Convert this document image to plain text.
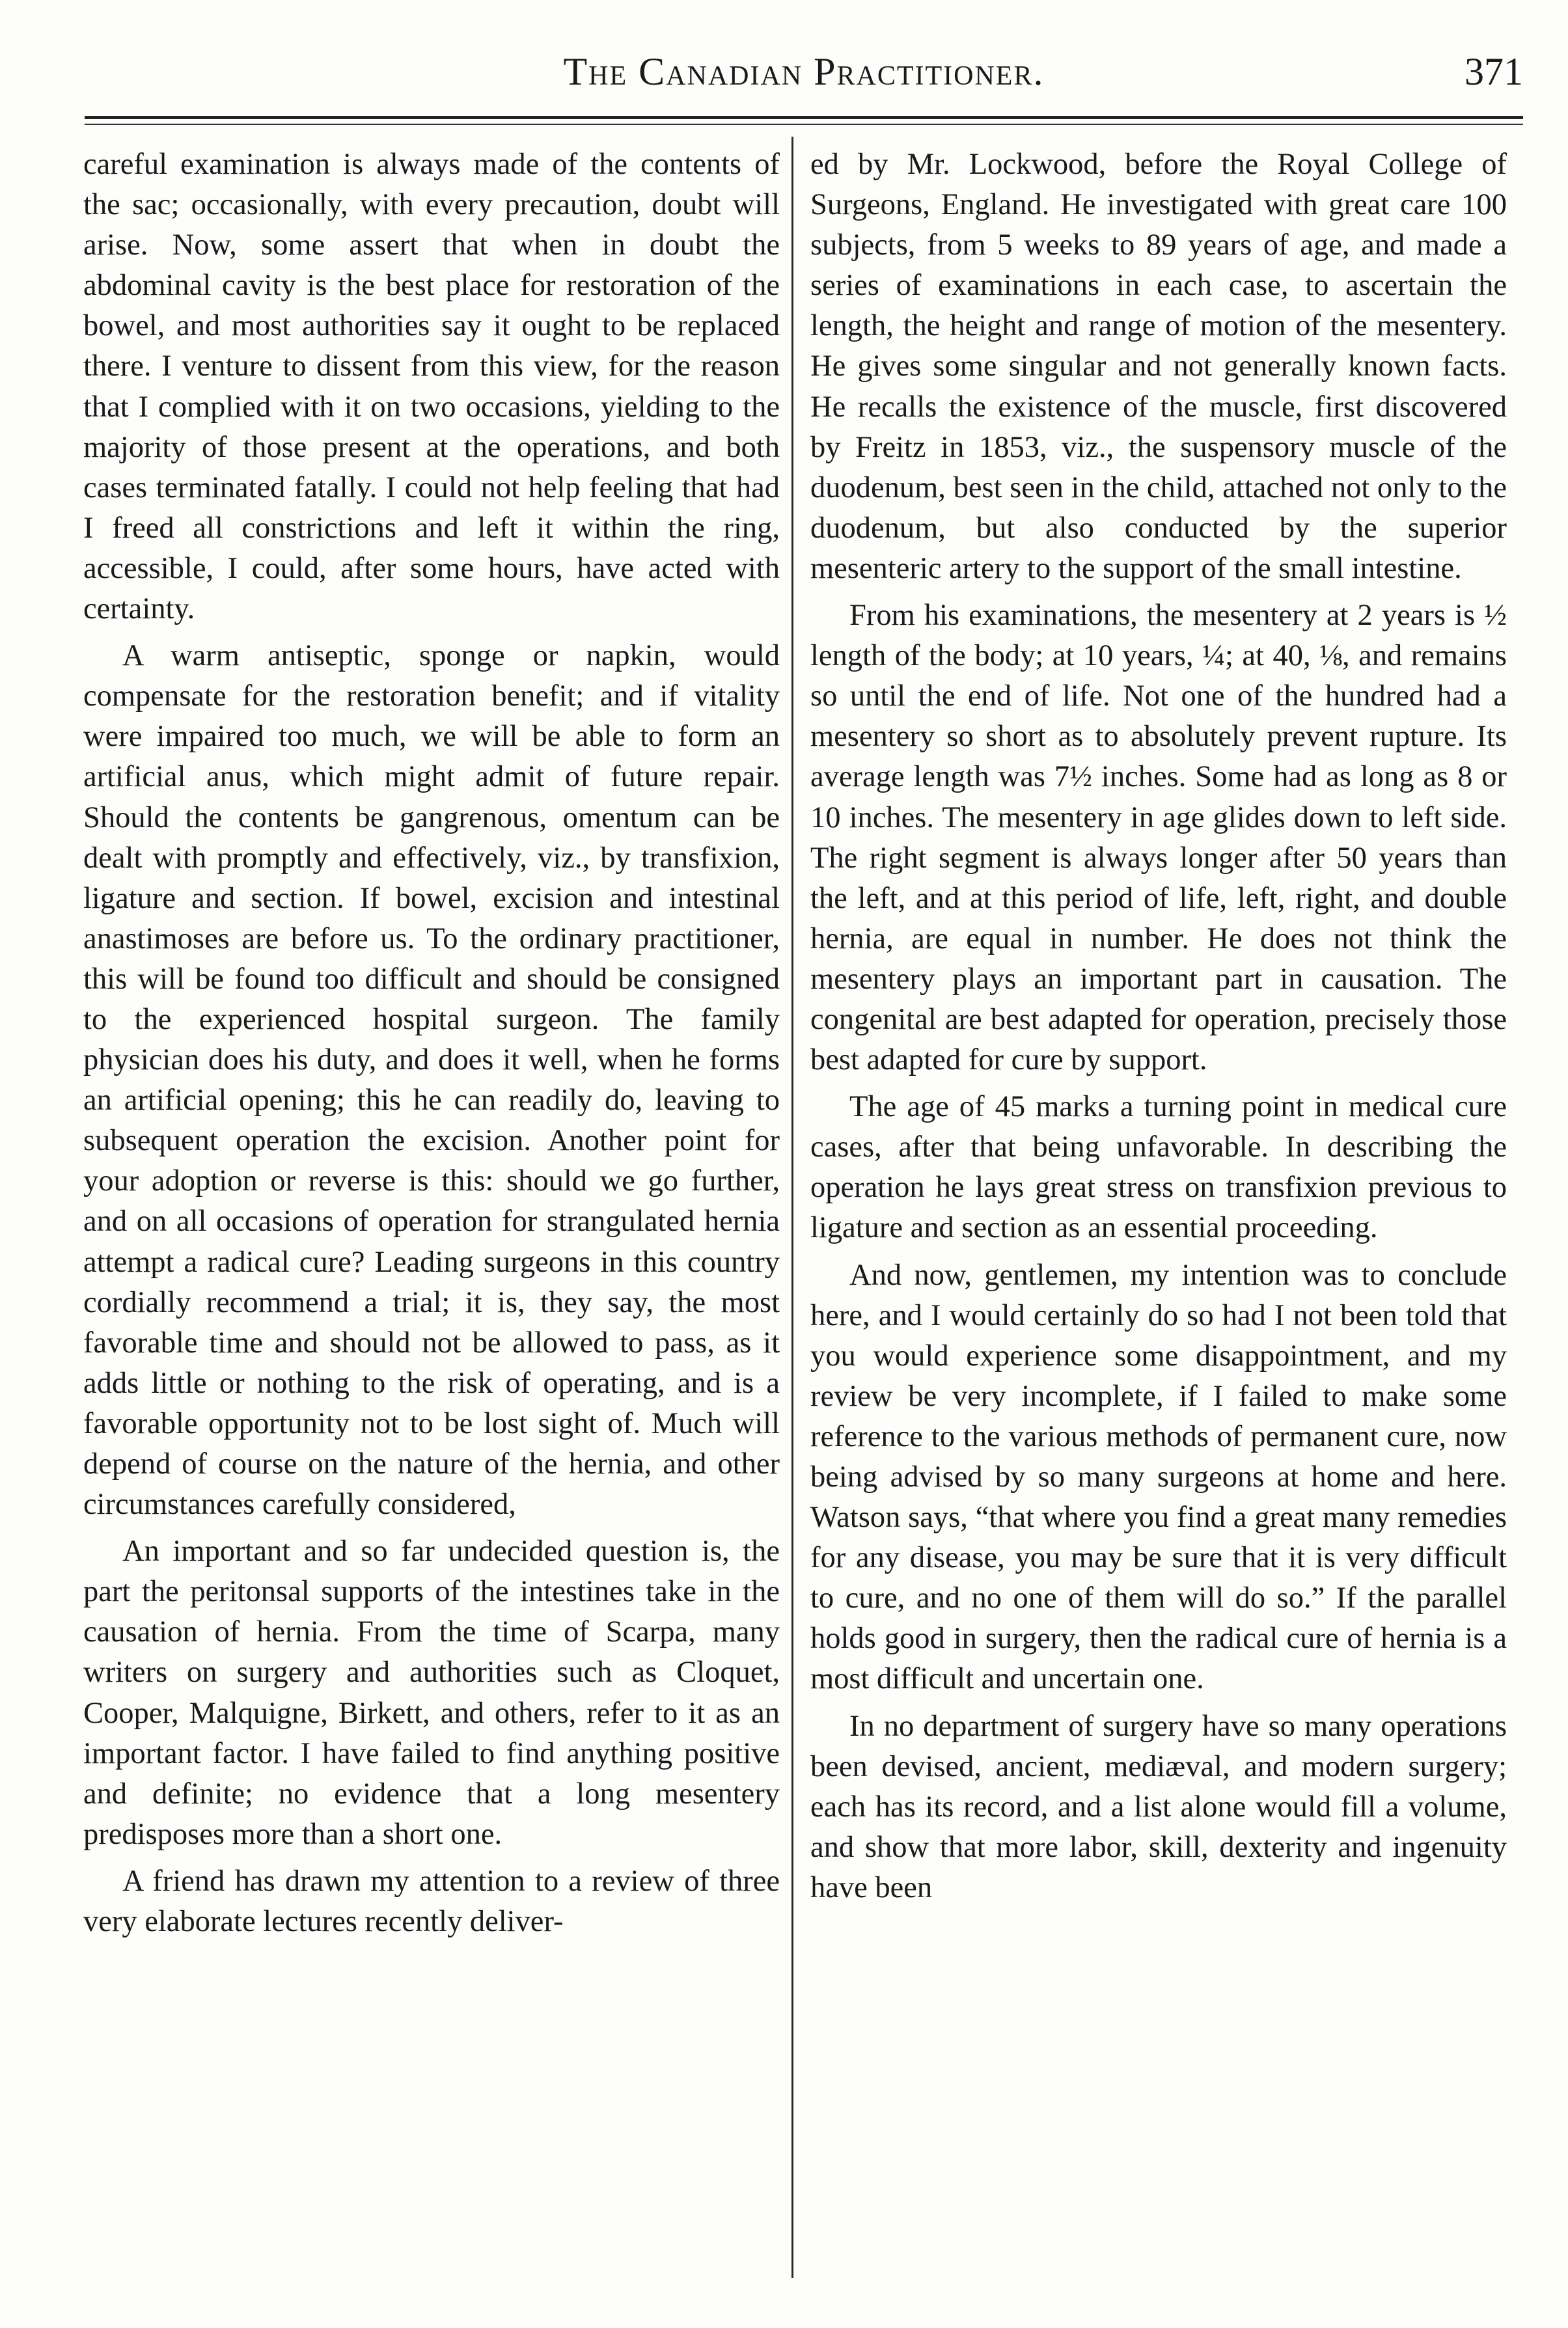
The Canadian Practitioner.	371

careful examination is always made of the contents of the sac; occasionally, with every precaution, doubt will arise. Now, some assert that when in doubt the abdominal cavity is the best place for restoration of the bowel, and most authorities say it ought to be replaced there. I venture to dissent from this view, for the reason that I complied with it on two occasions, yielding to the majority of those present at the operations, and both cases terminated fatally. I could not help feeling that had I freed all constrictions and left it within the ring, accessible, I could, after some hours, have acted with certainty.

A warm antiseptic, sponge or napkin, would compensate for the restoration benefit; and if vitality were impaired too much, we will be able to form an artificial anus, which might admit of future repair. Should the contents be gangrenous, omentum can be dealt with promptly and effectively, viz., by transfixion, ligature and section. If bowel, excision and intestinal anastimoses are before us. To the ordinary practitioner, this will be found too difficult and should be consigned to the experienced hospital surgeon. The family physician does his duty, and does it well, when he forms an artificial opening; this he can readily do, leaving to subsequent operation the excision. Another point for your adoption or reverse is this: should we go further, and on all occasions of operation for strangulated hernia attempt a radical cure? Leading surgeons in this country cordially recommend a trial; it is, they say, the most favorable time and should not be allowed to pass, as it adds little or nothing to the risk of operating, and is a favorable opportunity not to be lost sight of. Much will depend of course on the nature of the hernia, and other circumstances carefully considered,

An important and so far undecided question is, the part the peritonsal supports of the intestines take in the causation of hernia. From the time of Scarpa, many writers on surgery and authorities such as Cloquet, Cooper, Malquigne, Birkett, and others, refer to it as an important factor. I have failed to find anything positive and definite; no evidence that a long mesentery predisposes more than a short one.

A friend has drawn my attention to a review of three very elaborate lectures recently deliver-

ed by Mr. Lockwood, before the Royal College of Surgeons, England. He investigated with great care 100 subjects, from 5 weeks to 89 years of age, and made a series of examinations in each case, to ascertain the length, the height and range of motion of the mesentery. He gives some singular and not generally known facts. He recalls the existence of the muscle, first discovered by Freitz in 1853, viz., the suspensory muscle of the duodenum, best seen in the child, attached not only to the duodenum, but also conducted by the superior mesenteric artery to the support of the small intestine.

From his examinations, the mesentery at 2 years is ½ length of the body; at 10 years, ¼; at 40, ⅛, and remains so until the end of life. Not one of the hundred had a mesentery so short as to absolutely prevent rupture. Its average length was 7½ inches. Some had as long as 8 or 10 inches. The mesentery in age glides down to left side. The right segment is always longer after 50 years than the left, and at this period of life, left, right, and double hernia, are equal in number. He does not think the mesentery plays an important part in causation. The congenital are best adapted for operation, precisely those best adapted for cure by support.

The age of 45 marks a turning point in medical cure cases, after that being unfavorable. In describing the operation he lays great stress on transfixion previous to ligature and section as an essential proceeding.

And now, gentlemen, my intention was to conclude here, and I would certainly do so had I not been told that you would experience some disappointment, and my review be very incomplete, if I failed to make some reference to the various methods of permanent cure, now being advised by so many surgeons at home and here. Watson says, “that where you find a great many remedies for any disease, you may be sure that it is very difficult to cure, and no one of them will do so.” If the parallel holds good in surgery, then the radical cure of hernia is a most difficult and uncertain one.

In no department of surgery have so many operations been devised, ancient, mediæval, and modern surgery; each has its record, and a list alone would fill a volume, and show that more labor, skill, dexterity and ingenuity have been
